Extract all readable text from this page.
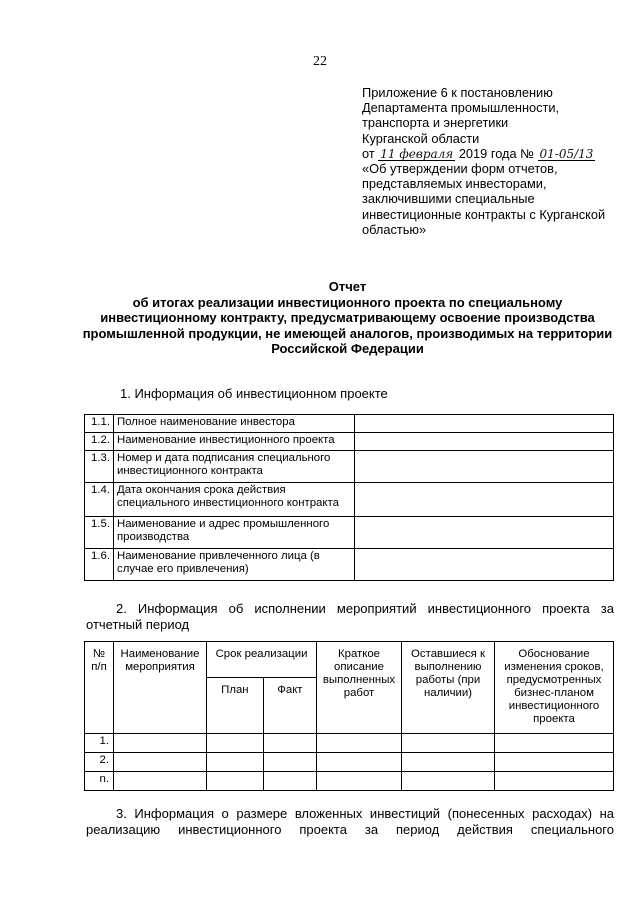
22
Приложение 6 к постановлению
Департамента промышленности,
транспорта и энергетики
Курганской области
от 11 февраля 2019 года № 01-05/13
«Об утверждении форм отчетов,
представляемых инвесторами,
заключившими специальные
инвестиционные контракты с Курганской
областью»
Отчет
об итогах реализации инвестиционного проекта по специальному
инвестиционному контракту, предусматривающему освоение производства
промышленной продукции, не имеющей аналогов, производимых на территории
Российской Федерации
1. Информация об инвестиционном проекте
1.1.	Полное наименование инвестора	
1.2.	Наименование инвестиционного проекта	
1.3.	Номер и дата подписания специального инвестиционного контракта	
1.4.	Дата окончания срока действия специального инвестиционного контракта	
1.5.	Наименование и адрес промышленного производства	
1.6.	Наименование привлеченного лица (в случае его привлечения)	
2. Информация об исполнении мероприятий инвестиционного проекта за
отчетный период
№ п/п	Наименование мероприятия	Срок реализации		Краткое описание выполненных работ	Оставшиеся к выполнению работы (при наличии)	Обоснование изменения сроков, предусмотренных бизнес-планом инвестиционного проекта
		План	Факт			
1.						
2.						
n.						
3. Информация о размере вложенных инвестиций (понесенных расходах) на
реализацию инвестиционного проекта за период действия специального
